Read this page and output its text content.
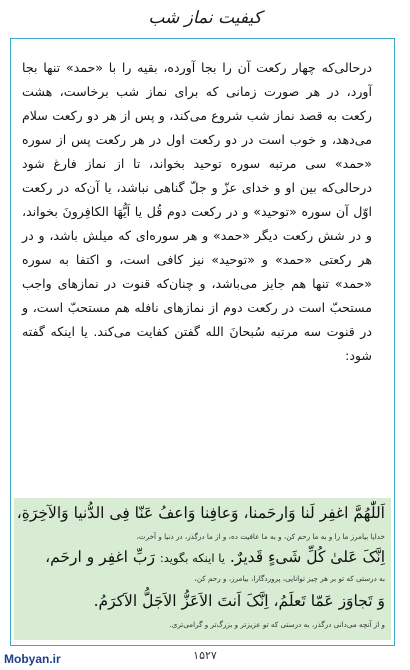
کیفیت نماز شب
درحالی‌که چهار رکعت آن را بجا آورده، بقیه را با «حمد» تنها بجا آورد، در هر صورت زمانی که برای نماز شب برخاست، هشت رکعت به قصد نماز شب شروع می‌کند، و پس از هر دو رکعت سلام می‌دهد، و خوب است در دو رکعت اول در هر رکعت پس از سوره «حمد» سی مرتبه سوره توحید بخواند، تا از نماز فارغ شود درحالی‌که بین او و خدای عزّ و جلّ گناهی نباشد، یا آن‌که در رکعت اوّل آن سوره «توحید» و در رکعت دوم قُل یا اَیُّهَا الکافِرونَ بخواند، و در شش رکعت دیگر «حمد» و هر سوره‌ای که میلش باشد، و در هر رکعتی «حمد» و «توحید» نیز کافی است، و اکتفا به سوره «حمد» تنها هم جایز می‌باشد، و چنان‌که قنوت در نمازهای واجب مستحبّ است در رکعت دوم از نمازهای نافله هم مستحبّ است، و در قنوت سه مرتبه سُبحانَ الله گفتن کفایت می‌کند. یا اینکه گفته شود:
اَللّٰهُمَّ اغفِر لَنا وَارحَمنا، وَعافِنا وَاعفُ عَنّا فِی الدُّنیا وَالآخِرَةِ،
خدایا بیامرز ما را و به ما رحم کن، و به ما عافیت ده، و از ما درگذر، در دنیا و آخرت،
اِنَّکَ عَلیٰ کُلِّ شَیءٍ قَدیرٌ. یا اینکه بگوید: رَبِّ اغفِر و ارحَم،
به درستی که تو بر هر چیز توانایی، پروردگارا، بیامرز، و رحم کن،
وَ تَجاوَز عَمّا تَعلَمُ، اِنَّکَ اَنتَ الاَعَزُّ الاَجَلُّ الاَکرَمُ.
و از آنچه می‌دانی درگذر، به درستی که تو عزیزتر و بزرگ‌تر و گرامی‌تری.
۱۵۲۷
Mobyan.ir
